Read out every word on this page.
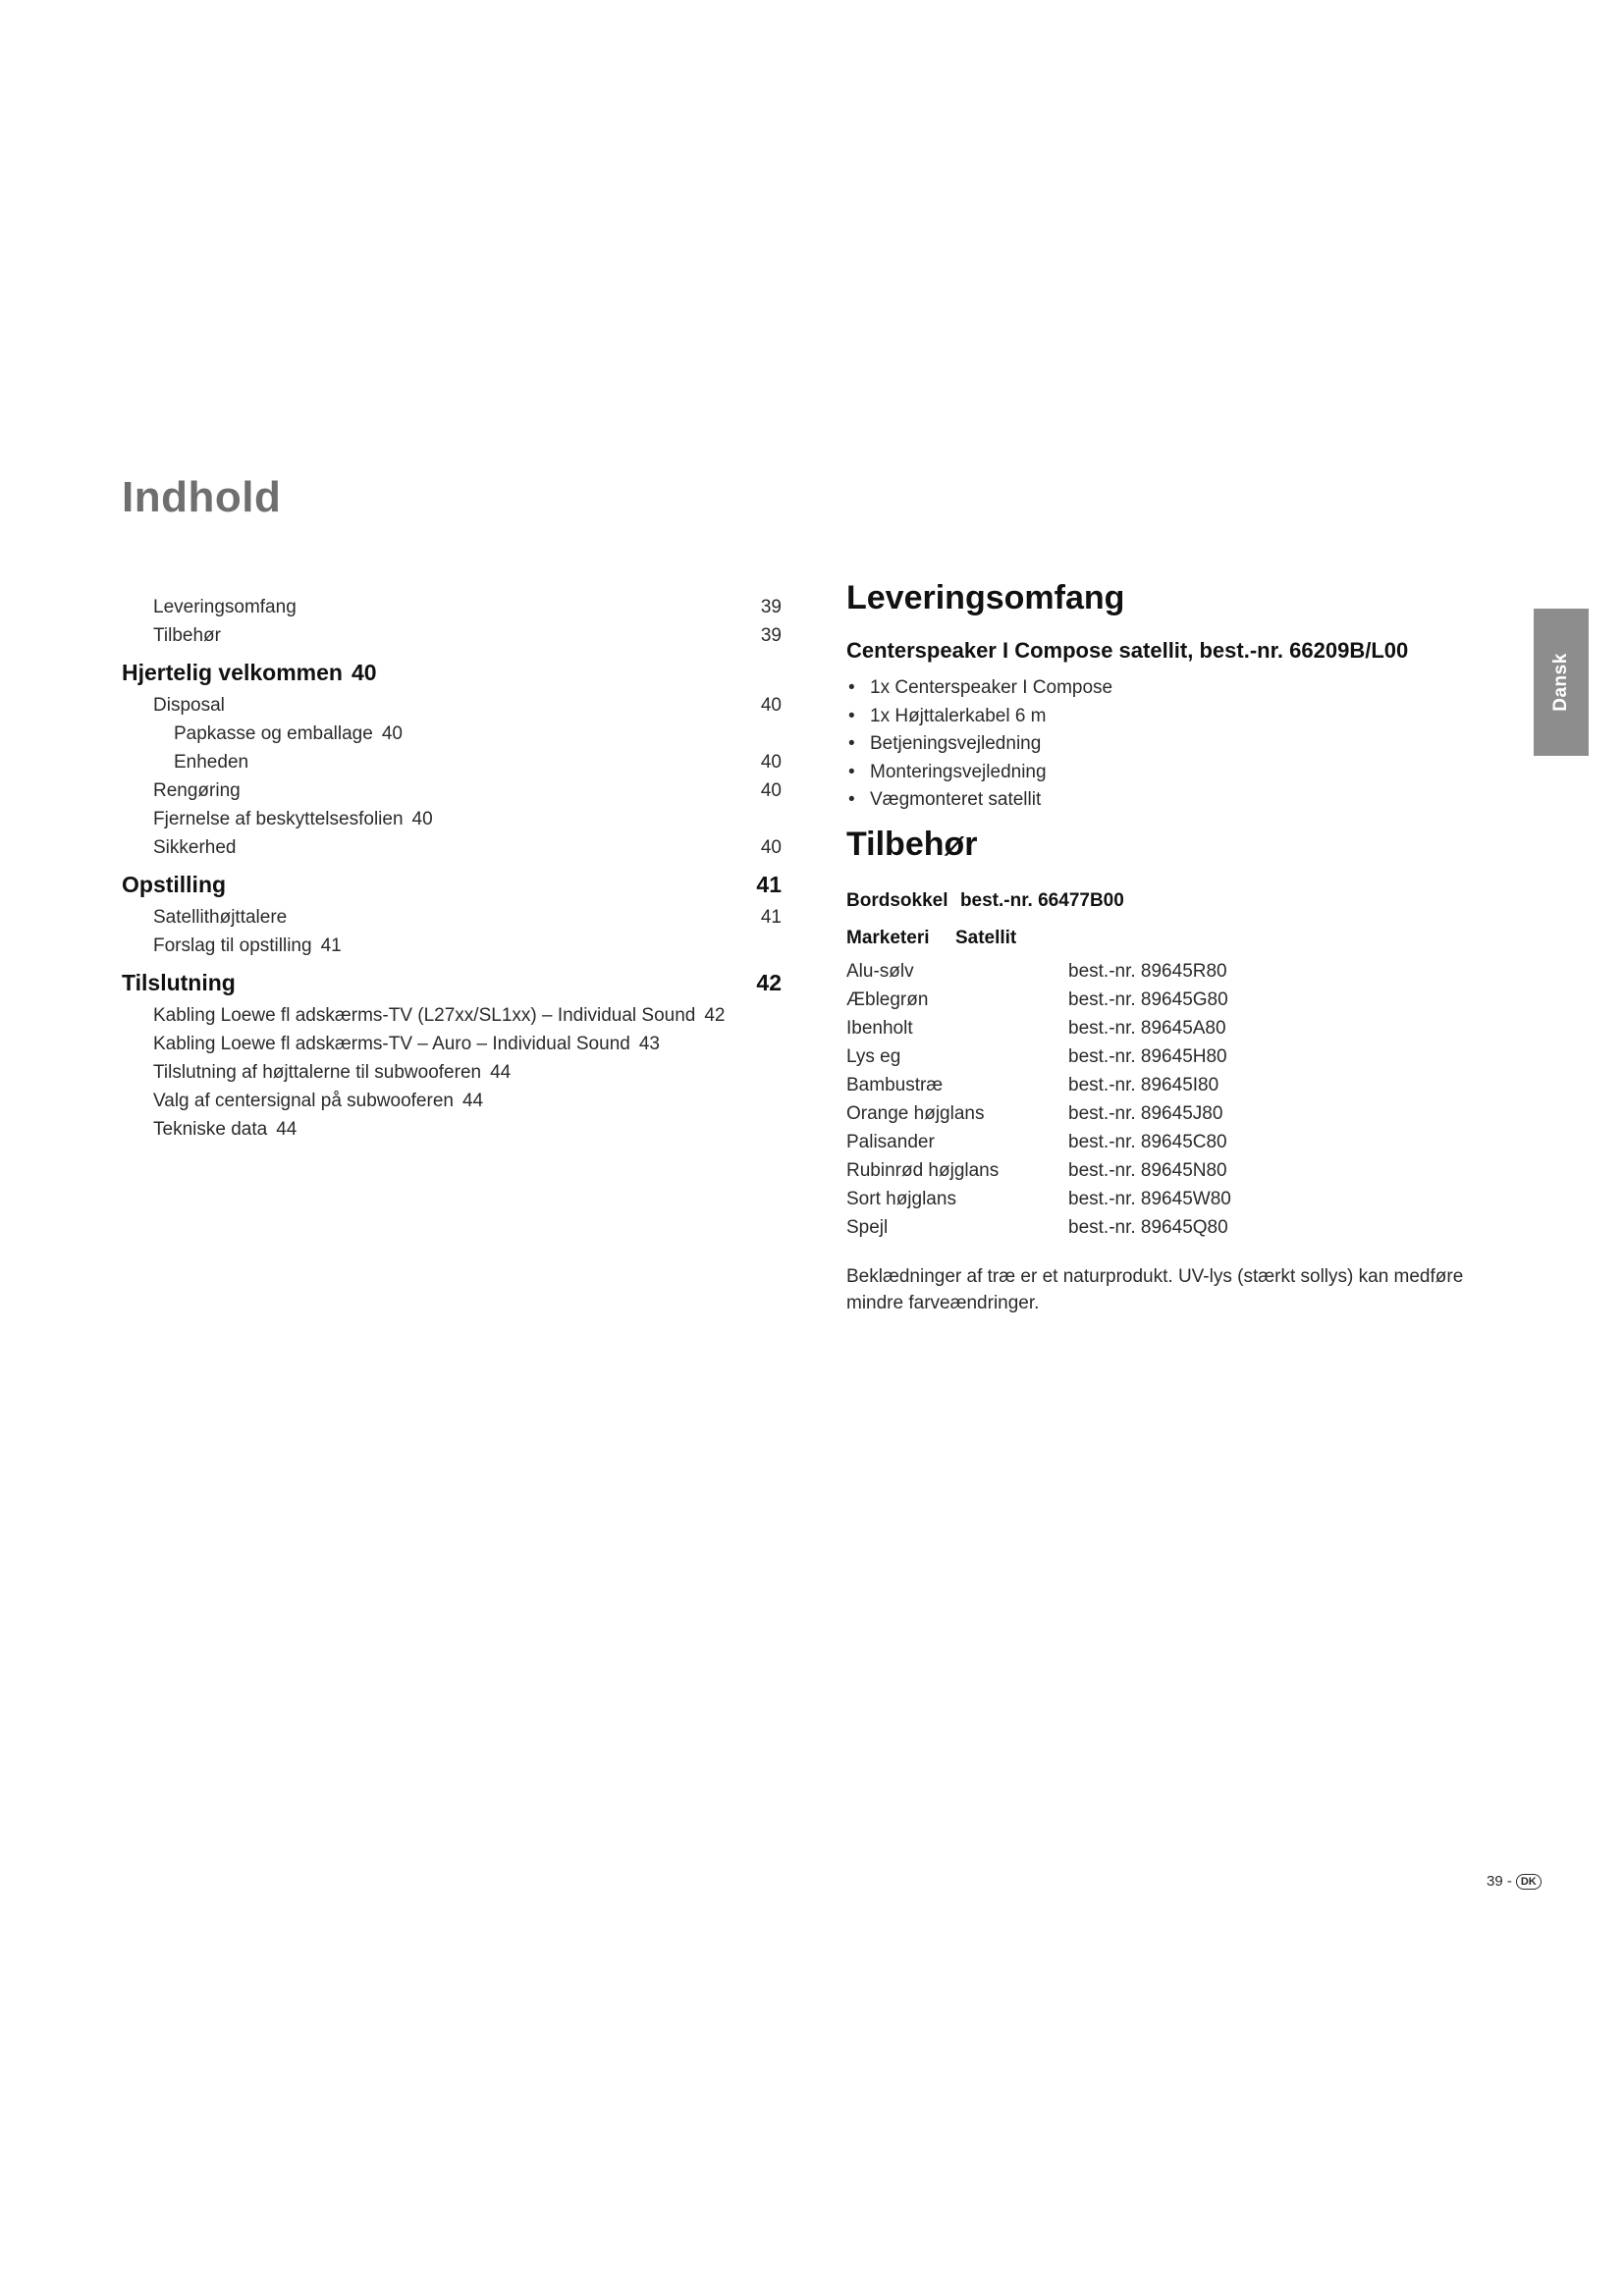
Indhold
Leveringsomfang	39
Tilbehør	39
Hjertelig velkommen 40
Disposal	40
Papkasse og emballage 40
Enheden	40
Rengøring	40
Fjernelse af beskyttelsesfolien 40
Sikkerhed	40
Opstilling	41
Satellithøjttalere	41
Forslag til opstilling 41
Tilslutning	42
Kabling Loewe fl adskærms-TV (L27xx/SL1xx) – Individual Sound 42
Kabling Loewe fl adskærms-TV – Auro – Individual Sound 43
Tilslutning af højttalerne til subwooferen 44
Valg af centersignal på subwooferen 44
Tekniske data 44
Leveringsomfang
Centerspeaker I Compose satellit, best.-nr. 66209B/L00
• 1x Centerspeaker I Compose
• 1x Højttalerkabel 6 m
• Betjeningsvejledning
• Monteringsvejledning
• Vægmonteret satellit
Tilbehør
Bordsokkel best.-nr. 66477B00
Marketeri Satellit
Alu-sølv	best.-nr. 89645R80
Æblegrøn	best.-nr. 89645G80
Ibenholt	best.-nr. 89645A80
Lys eg	best.-nr. 89645H80
Bambustræ	best.-nr. 89645I80
Orange højglans	best.-nr. 89645J80
Palisander	best.-nr. 89645C80
Rubinrød højglans	best.-nr. 89645N80
Sort højglans	best.-nr. 89645W80
Spejl	best.-nr. 89645Q80

Beklædninger af træ er et naturprodukt. UV-lys (stærkt sollys) kan medføre mindre farveændringer.

Dansk
39 - DK
